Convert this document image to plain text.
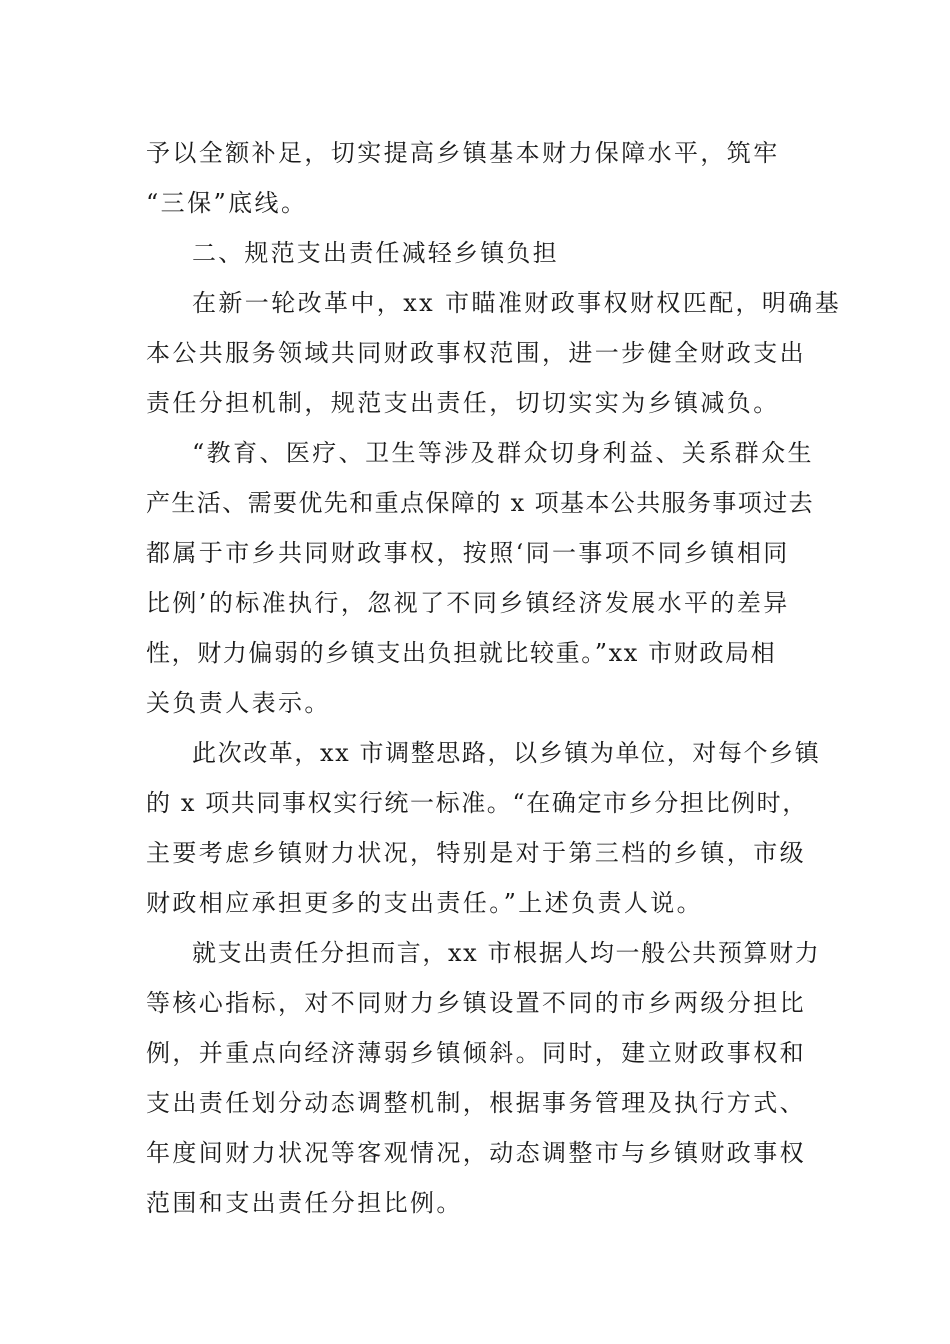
予以全额补足，切实提高乡镇基本财力保障水平，筑牢
“三保”底线。
二、规范支出责任减轻乡镇负担
在新一轮改革中，xx 市瞄准财政事权财权匹配，明确基
本公共服务领域共同财政事权范围，进一步健全财政支出
责任分担机制，规范支出责任，切切实实为乡镇减负。
“教育、医疗、卫生等涉及群众切身利益、关系群众生
产生活、需要优先和重点保障的 x 项基本公共服务事项过去
都属于市乡共同财政事权，按照‘同一事项不同乡镇相同
比例’的标准执行，忽视了不同乡镇经济发展水平的差异
性，财力偏弱的乡镇支出负担就比较重。”xx 市财政局相
关负责人表示。
此次改革，xx 市调整思路，以乡镇为单位，对每个乡镇
的 x 项共同事权实行统一标准。“在确定市乡分担比例时，
主要考虑乡镇财力状况，特别是对于第三档的乡镇，市级
财政相应承担更多的支出责任。”上述负责人说。
就支出责任分担而言，xx 市根据人均一般公共预算财力
等核心指标，对不同财力乡镇设置不同的市乡两级分担比
例，并重点向经济薄弱乡镇倾斜。同时，建立财政事权和
支出责任划分动态调整机制，根据事务管理及执行方式、
年度间财力状况等客观情况，动态调整市与乡镇财政事权
范围和支出责任分担比例。
